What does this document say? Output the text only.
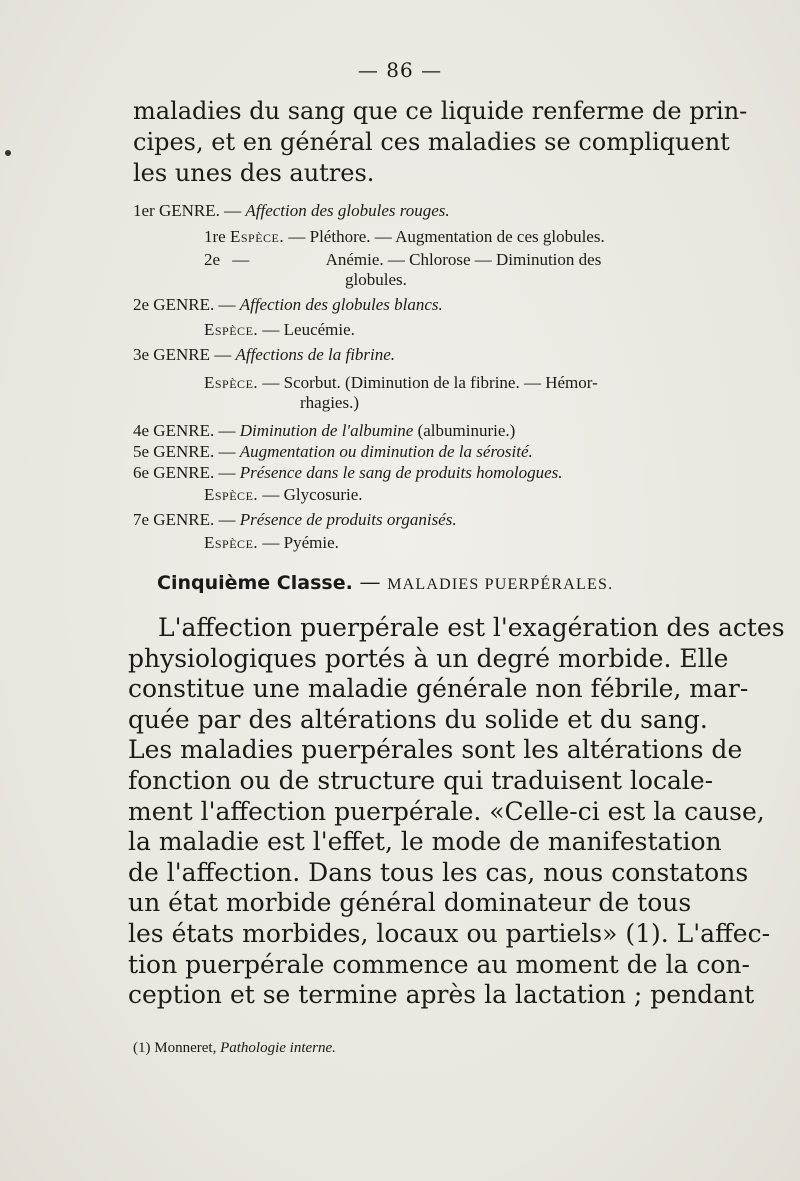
— 86 —
maladies du sang que ce liquide renferme de prin-
cipes, et en général ces maladies se compliquent
les unes des autres.
1er GENRE. — Affection des globules rouges.
1re Espèce. — Pléthore. — Augmentation de ces globules.
2e —	Anémie. — Chlorose — Diminution des
globules.
2e GENRE. — Affection des globules blancs.
Espèce. — Leucémie.
3e GENRE — Affections de la fibrine.
Espèce. — Scorbut. (Diminution de la fibrine. — Hémor-
rhagies.)
4e GENRE. — Diminution de l'albumine (albuminurie.)
5e GENRE. — Augmentation ou diminution de la sérosité.
6e GENRE. — Présence dans le sang de produits homologues.
Espèce. — Glycosurie.
7e GENRE. — Présence de produits organisés.
Espèce. — Pyémie.
Cinquième Classe. — MALADIES PUERPÉRALES.
L'affection puerpérale est l'exagération des actes
physiologiques portés à un degré morbide. Elle
constitue une maladie générale non fébrile, mar-
quée par des altérations du solide et du sang.
Les maladies puerpérales sont les altérations de
fonction ou de structure qui traduisent locale-
ment l'affection puerpérale. «Celle-ci est la cause,
la maladie est l'effet, le mode de manifestation
de l'affection. Dans tous les cas, nous constatons
un état morbide général dominateur de tous
les états morbides, locaux ou partiels» (1). L'affec-
tion puerpérale commence au moment de la con-
ception et se termine après la lactation ; pendant
(1) Monneret, Pathologie interne.
